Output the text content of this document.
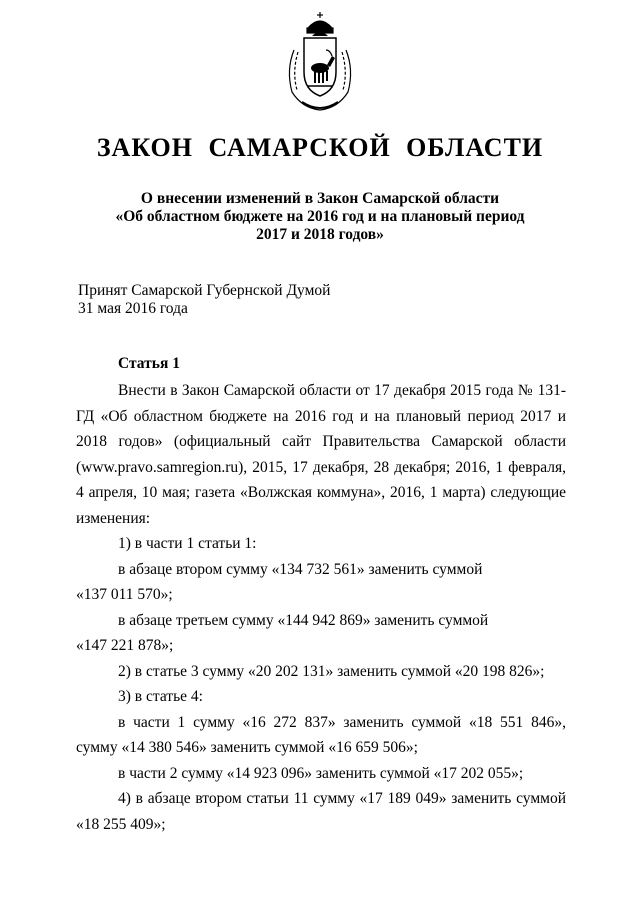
ЗАКОН САМАРСКОЙ ОБЛАСТИ
О внесении изменений в Закон Самарской области
«Об областном бюджете на 2016 год и на плановый период
2017 и 2018 годов»
Принят Самарской Губернской Думой
31 мая 2016 года
Статья 1

Внести в Закон Самарской области от 17 декабря 2015 года № 131-ГД «Об областном бюджете на 2016 год и на плановый период 2017 и 2018 годов» (официальный сайт Правительства Самарской области (www.pravo.samregion.ru), 2015, 17 декабря, 28 декабря; 2016, 1 февраля, 4 апреля, 10 мая; газета «Волжская коммуна», 2016, 1 марта) следующие изменения:

1) в части 1 статьи 1:

в абзаце втором сумму «134 732 561» заменить суммой

«137 011 570»;

в абзаце третьем сумму «144 942 869» заменить суммой

«147 221 878»;

2) в статье 3 сумму «20 202 131» заменить суммой «20 198 826»;

3) в статье 4:

в части 1 сумму «16 272 837» заменить суммой «18 551 846», сумму «14 380 546» заменить суммой «16 659 506»;

в части 2 сумму «14 923 096» заменить суммой «17 202 055»;

4) в абзаце втором статьи 11 сумму «17 189 049» заменить суммой «18 255 409»;
